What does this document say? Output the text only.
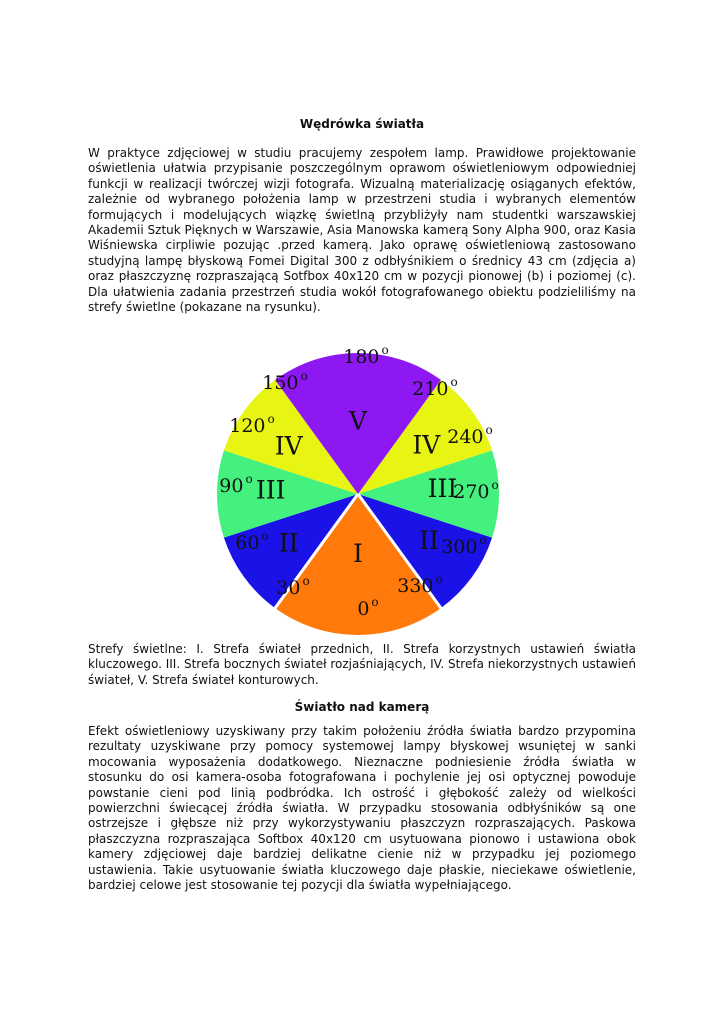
Wędrówka światła

W praktyce zdjęciowej w studiu pracujemy zespołem lamp. Prawidłowe projektowanie oświetlenia ułatwia przypisanie poszczególnym oprawom oświetleniowym odpowiedniej funkcji w realizacji twórczej wizji fotografa. Wizualną materializację osiąganych efektów, zależnie od wybranego położenia lamp w przestrzeni studia i wybranych elementów formujących i modelujących wiązkę świetlną przybliżyły nam studentki warszawskiej Akademii Sztuk Pięknych w Warszawie, Asia Manowska kamerą Sony Alpha 900, oraz Kasia Wiśniewska cirpliwie pozując .przed kamerą. Jako oprawę oświetleniową zastosowano studyjną lampę błyskową Fomei Digital 300 z odbłyśnikiem o średnicy 43 cm (zdjęcia a) oraz płaszczyznę rozpraszającą Sotfbox 40x120 cm w pozycji pionowej (b) i poziomej (c). Dla ułatwienia zadania przestrzeń studia wokół fotografowanego obiektu podzieliliśmy na strefy świetlne (pokazane na rysunku).

I
II	II
III	III
IV	IV
V
0 $^o$
30 $^o$
60 $^o$
90 $^o$
120 $^o$
150 $^o$
180 $^o$
210 $^o$
240 $^o$
270 $^o$
300 $^o$
330 $^o$

Strefy świetlne: I. Strefa świateł przednich, II. Strefa korzystnych ustawień światła kluczowego. III. Strefa bocznych świateł rozjaśniających, IV. Strefa niekorzystnych ustawień świateł, V. Strefa świateł konturowych.

Światło nad kamerą

Efekt oświetleniowy uzyskiwany przy takim położeniu źródła światła bardzo przypomina rezultaty uzyskiwane przy pomocy systemowej lampy błyskowej wsuniętej w sanki mocowania wyposażenia dodatkowego. Nieznaczne podniesienie źródła światła w stosunku do osi kamera-osoba fotografowana i pochylenie jej osi optycznej powoduje powstanie cieni pod linią podbródka. Ich ostrość i głębokość zależy od wielkości powierzchni świecącej źródła światła. W przypadku stosowania odbłyśników są one ostrzejsze i głębsze niż przy wykorzystywaniu płaszczyzn rozpraszających. Paskowa płaszczyzna rozpraszająca Softbox 40x120 cm usytuowana pionowo i ustawiona obok kamery zdjęciowej daje bardziej delikatne cienie niż w przypadku jej poziomego ustawienia. Takie usytuowanie światła kluczowego daje płaskie, nieciekawe oświetlenie, bardziej celowe jest stosowanie tej pozycji dla światła wypełniającego.
